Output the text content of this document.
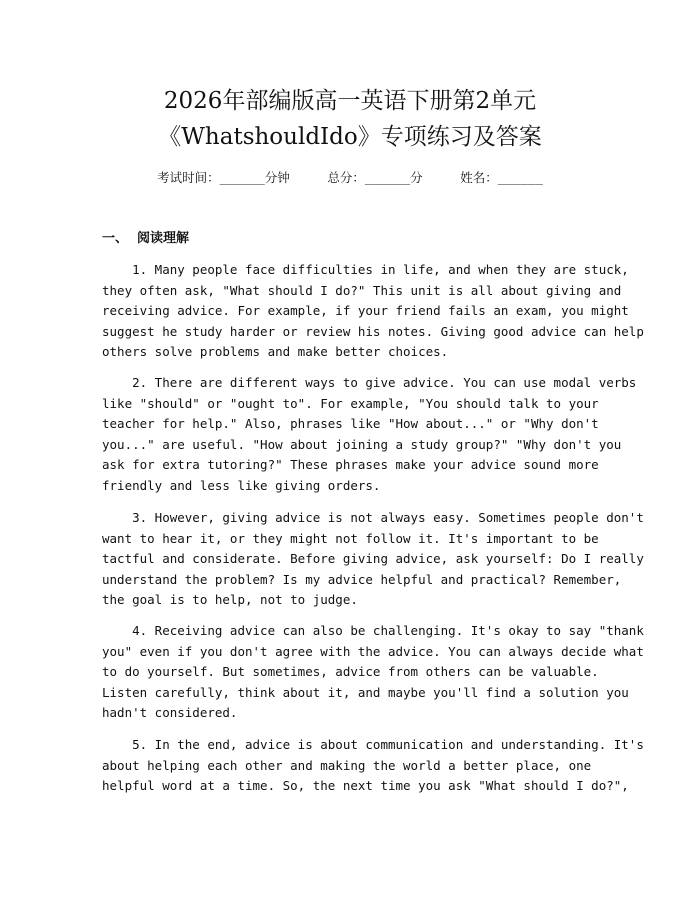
2026年部编版高一英语下册第2单元
《WhatshouldIdo》专项练习及答案
考试时间：______分钟     总分：______分     姓名：______
一、  阅读理解
1. Many people face difficulties in life, and when they are stuck,
they often ask, "What should I do?" This unit is all about giving and
receiving advice. For example, if your friend fails an exam, you might
suggest he study harder or review his notes. Giving good advice can help
others solve problems and make better choices.
2. There are different ways to give advice. You can use modal verbs
like "should" or "ought to". For example, "You should talk to your
teacher for help." Also, phrases like "How about..." or "Why don't
you..." are useful. "How about joining a study group?" "Why don't you
ask for extra tutoring?" These phrases make your advice sound more
friendly and less like giving orders.
3. However, giving advice is not always easy. Sometimes people don't
want to hear it, or they might not follow it. It's important to be
tactful and considerate. Before giving advice, ask yourself: Do I really
understand the problem? Is my advice helpful and practical? Remember,
the goal is to help, not to judge.
4. Receiving advice can also be challenging. It's okay to say "thank
you" even if you don't agree with the advice. You can always decide what
to do yourself. But sometimes, advice from others can be valuable.
Listen carefully, think about it, and maybe you'll find a solution you
hadn't considered.
5. In the end, advice is about communication and understanding. It's
about helping each other and making the world a better place, one
helpful word at a time. So, the next time you ask "What should I do?",
